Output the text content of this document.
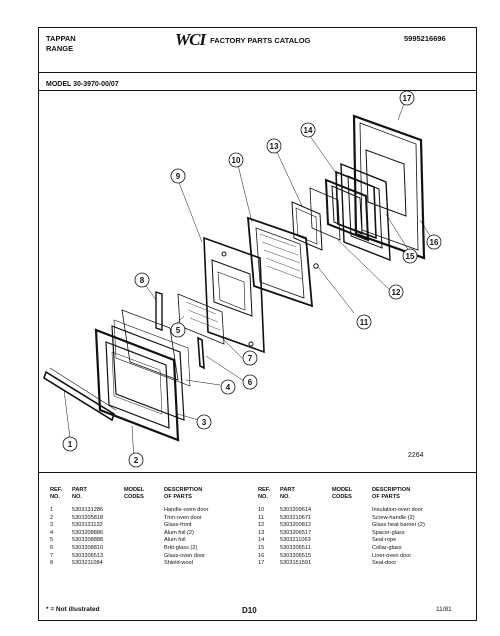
TAPPAN
RANGE	WCI FACTORY PARTS CATALOG	5995216696
MODEL 30-3970-00/07
1
2
3
4
5
6
7
8
9
10
11
12
13
14
15
16
17
2264
REF.
NO.
PART
NO.
MODEL
CODES
DESCRIPTION
OF PARTS
1	5303131286	Handle-oven door
2	5303205818	Trim-oven door
3	5303131132	Glass-front
4	5303208886	Alum foil (2)
5	5303208888	Alum foil
6	5303208810	Brkt-glass (2)
7	5303206513	Glass-oven door
8	5303211084	Shield-wool
REF.
NO.
PART
NO.
MODEL
CODES
DESCRIPTION
OF PARTS
10	5303209614	Insulation-oven door
11	5303210671	Screw-handle (2)
12	5303200812	Glass heat barrier (2)
13	5303206517	Spacer-glass
14	5303211063	Seal-rope
15	5303206511	Collar-glass
16	5303206515	Liner-oven door
17	5303151591	Seal-door
* = Not illustrated	D10	11/81
